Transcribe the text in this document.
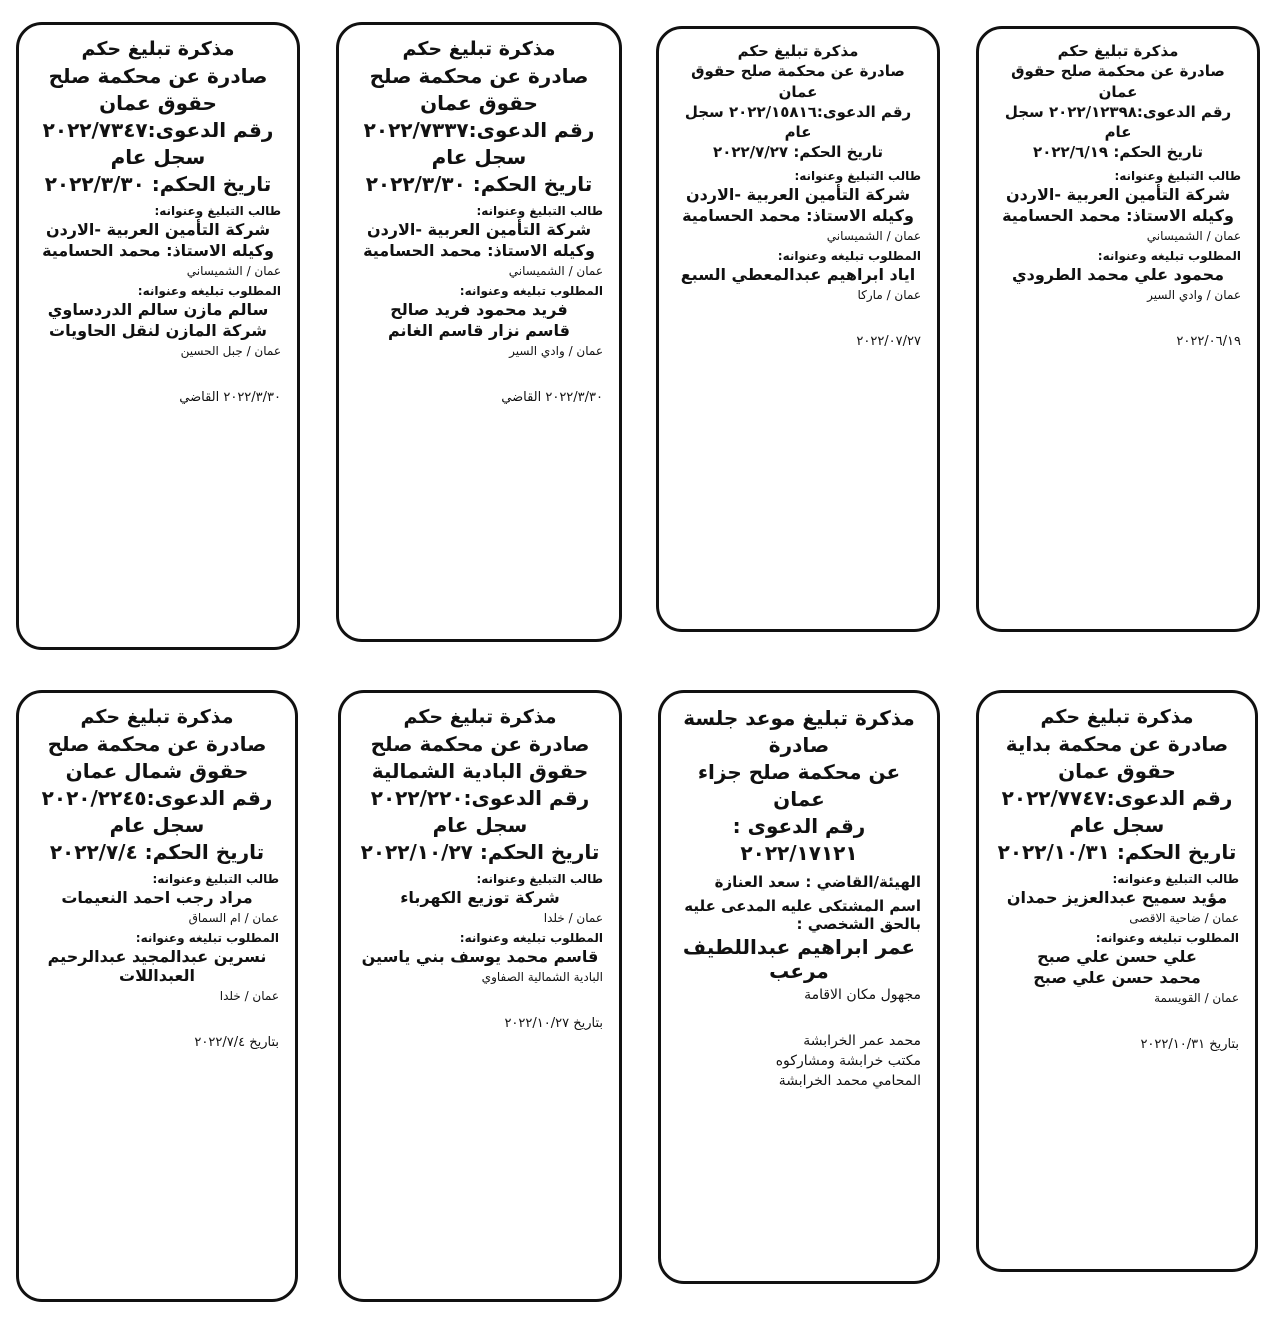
مذكرة تبليغ حكم
صادرة عن محكمة صلح حقوق عمان
رقم الدعوى:٢٠٢٢/١٢٣٩٨ سجل عام
تاريخ الحكم: ٢٠٢٢/٦/١٩
طالب التبليغ وعنوانه:
شركة التأمين العربية -الاردن
وكيله الاستاذ: محمد الحسامية
عمان / الشميساني
المطلوب تبليغه وعنوانه:
محمود علي محمد الطرودي
عمان / وادي السير
٢٠٢٢/٠٦/١٩
مذكرة تبليغ حكم
صادرة عن محكمة صلح حقوق عمان
رقم الدعوى:٢٠٢٢/١٥٨١٦ سجل عام
تاريخ الحكم: ٢٠٢٢/٧/٢٧
طالب التبليغ وعنوانه:
شركة التأمين العربية -الاردن
وكيله الاستاذ: محمد الحسامية
عمان / الشميساني
المطلوب تبليغه وعنوانه:
اياد ابراهيم عبدالمعطي السبع
عمان / ماركا
٢٠٢٢/٠٧/٢٧
مذكرة تبليغ حكم
صادرة عن محكمة صلح حقوق عمان
رقم الدعوى:٢٠٢٢/٧٣٣٧ سجل عام
تاريخ الحكم: ٢٠٢٢/٣/٣٠
طالب التبليغ وعنوانه:
شركة التأمين العربية -الاردن
وكيله الاستاذ: محمد الحسامية
عمان / الشميساني
المطلوب تبليغه وعنوانه:
فريد محمود فريد صالح
قاسم نزار قاسم الغانم
عمان / وادي السير
٢٠٢٢/٣/٣٠ القاضي
مذكرة تبليغ حكم
صادرة عن محكمة صلح حقوق عمان
رقم الدعوى:٢٠٢٢/٧٣٤٧ سجل عام
تاريخ الحكم: ٢٠٢٢/٣/٣٠
طالب التبليغ وعنوانه:
شركة التأمين العربية -الاردن
وكيله الاستاذ: محمد الحسامية
عمان / الشميساني
المطلوب تبليغه وعنوانه:
سالم مازن سالم الدردساوي
شركة المازن لنقل الحاويات
عمان / جبل الحسين
٢٠٢٢/٣/٣٠ القاضي
مذكرة تبليغ حكم
صادرة عن محكمة بداية حقوق عمان
رقم الدعوى:٢٠٢٢/٧٧٤٧ سجل عام
تاريخ الحكم: ٢٠٢٢/١٠/٣١
طالب التبليغ وعنوانه:
مؤيد سميح عبدالعزيز حمدان
عمان / ضاحية الاقصى
المطلوب تبليغه وعنوانه:
علي حسن علي صبح
محمد حسن علي صبح
عمان / القويسمة
بتاريخ ٢٠٢٢/١٠/٣١
مذكرة تبليغ موعد جلسة صادرة
عن محكمة صلح جزاء عمان
رقم الدعوى : ٢٠٢٢/١٧١٢١
الهيئة/القاضي : سعد العنازة
اسم المشتكى عليه المدعى عليه بالحق الشخصي :
عمر ابراهيم عبداللطيف مرعب
مجهول مكان الاقامة
محمد عمر الخرابشة
مكتب خرابشة ومشاركوه
المحامي محمد الخرابشة
مذكرة تبليغ حكم
صادرة عن محكمة صلح حقوق البادية الشمالية
رقم الدعوى:٢٠٢٢/٢٢٠ سجل عام
تاريخ الحكم: ٢٠٢٢/١٠/٢٧
طالب التبليغ وعنوانه:
شركة توزيع الكهرباء
عمان / خلدا
المطلوب تبليغه وعنوانه:
قاسم محمد يوسف بني ياسين
البادية الشمالية الصفاوي
بتاريخ ٢٠٢٢/١٠/٢٧
مذكرة تبليغ حكم
صادرة عن محكمة صلح حقوق شمال عمان
رقم الدعوى:٢٠٢٠/٢٢٤٥ سجل عام
تاريخ الحكم: ٢٠٢٢/٧/٤
طالب التبليغ وعنوانه:
مراد رجب احمد النعيمات
عمان / ام السماق
المطلوب تبليغه وعنوانه:
نسرين عبدالمجيد عبدالرحيم العبداللات
عمان / خلدا
بتاريخ ٢٠٢٢/٧/٤
